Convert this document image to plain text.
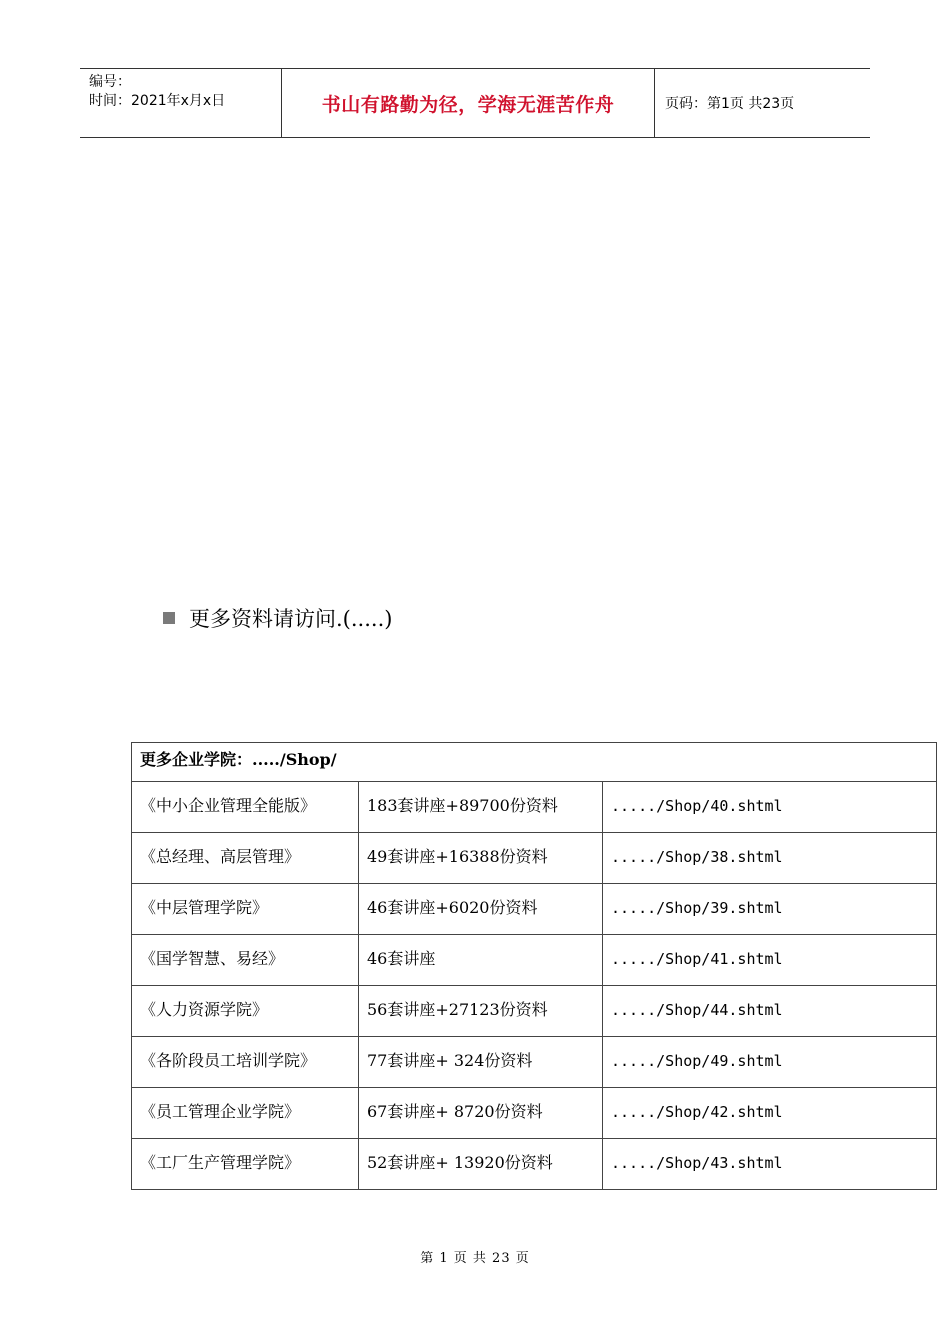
编号：
时间：2021年x月x日	书山有路勤为径，学海无涯苦作舟	页码：第1页 共23页
更多资料请访问.(.....)
更多企业学院：...../Shop/		
《中小企业管理全能版》	183套讲座+89700份资料	...../Shop/40.shtml
《总经理、高层管理》	49套讲座+16388份资料	...../Shop/38.shtml
《中层管理学院》	46套讲座+6020份资料	...../Shop/39.shtml
《国学智慧、易经》	46套讲座	...../Shop/41.shtml
《人力资源学院》	56套讲座+27123份资料	...../Shop/44.shtml
《各阶段员工培训学院》	77套讲座+ 324份资料	...../Shop/49.shtml
《员工管理企业学院》	67套讲座+ 8720份资料	...../Shop/42.shtml
《工厂生产管理学院》	52套讲座+ 13920份资料	...../Shop/43.shtml
第 1 页 共 23 页
